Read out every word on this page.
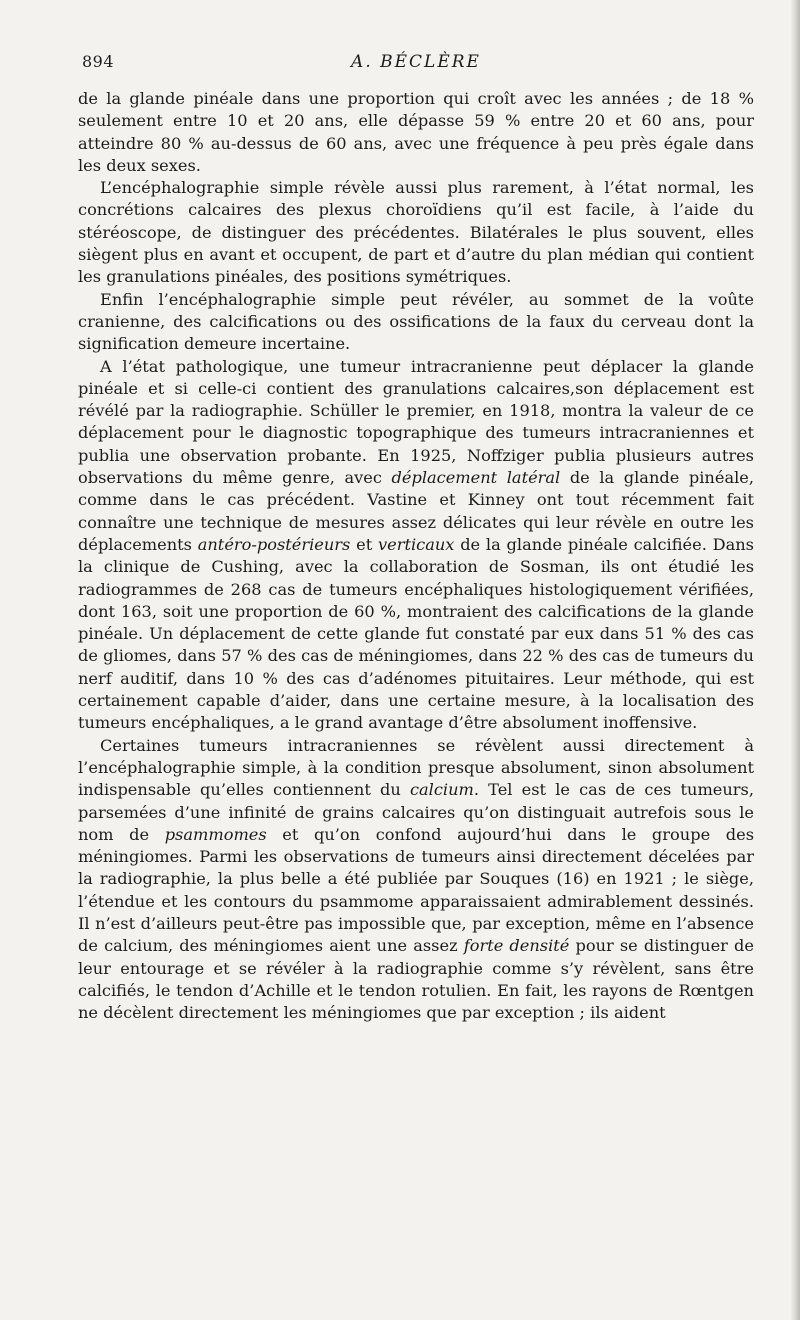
894	A. BÉCLÈRE

de la glande pinéale dans une proportion qui croît avec les années ; de 18 % seulement entre 10 et 20 ans, elle dépasse 59 % entre 20 et 60 ans, pour atteindre 80 % au-dessus de 60 ans, avec une fréquence à peu près égale dans les deux sexes.

L’encéphalographie simple révèle aussi plus rarement, à l’état normal, les concrétions calcaires des plexus choroïdiens qu’il est facile, à l’aide du stéréoscope, de distinguer des précédentes. Bilatérales le plus souvent, elles siègent plus en avant et occupent, de part et d’autre du plan médian qui contient les granulations pinéales, des positions symétriques.

Enfin l’encéphalographie simple peut révéler, au sommet de la voûte cranienne, des calcifications ou des ossifications de la faux du cerveau dont la signification demeure incertaine.

A l’état pathologique, une tumeur intracranienne peut déplacer la glande pinéale et si celle-ci contient des granulations calcaires,son déplacement est révélé par la radiographie. Schüller le premier, en 1918, montra la valeur de ce déplacement pour le diagnostic topographique des tumeurs intracraniennes et publia une observation probante. En 1925, Noffziger publia plusieurs autres observations du même genre, avec déplacement latéral de la glande pinéale, comme dans le cas précédent. Vastine et Kinney ont tout récemment fait connaître une technique de mesures assez délicates qui leur révèle en outre les déplacements antéro-postérieurs et verticaux de la glande pinéale calcifiée. Dans la clinique de Cushing, avec la collaboration de Sosman, ils ont étudié les radiogrammes de 268 cas de tumeurs encéphaliques histologiquement vérifiées, dont 163, soit une proportion de 60 %, montraient des calcifications de la glande pinéale. Un déplacement de cette glande fut constaté par eux dans 51 % des cas de gliomes, dans 57 % des cas de méningiomes, dans 22 % des cas de tumeurs du nerf auditif, dans 10 % des cas d’adénomes pituitaires. Leur méthode, qui est certainement capable d’aider, dans une certaine mesure, à la localisation des tumeurs encéphaliques, a le grand avantage d’être absolument inoffensive.

Certaines tumeurs intracraniennes se révèlent aussi directement à l’encéphalographie simple, à la condition presque absolument, sinon absolument indispensable qu’elles contiennent du calcium. Tel est le cas de ces tumeurs, parsemées d’une infinité de grains calcaires qu’on distinguait autrefois sous le nom de psammomes et qu’on confond aujourd’hui dans le groupe des méningiomes. Parmi les observations de tumeurs ainsi directement décelées par la radiographie, la plus belle a été publiée par Souques (16) en 1921 ; le siège, l’étendue et les contours du psammome apparaissaient admirablement dessinés. Il n’est d’ailleurs peut-être pas impossible que, par exception, même en l’absence de calcium, des méningiomes aient une assez forte densité pour se distinguer de leur entourage et se révéler à la radiographie comme s’y révèlent, sans être calcifiés, le tendon d’Achille et le tendon rotulien. En fait, les rayons de Rœntgen ne décèlent directement les méningiomes que par exception ; ils aident
